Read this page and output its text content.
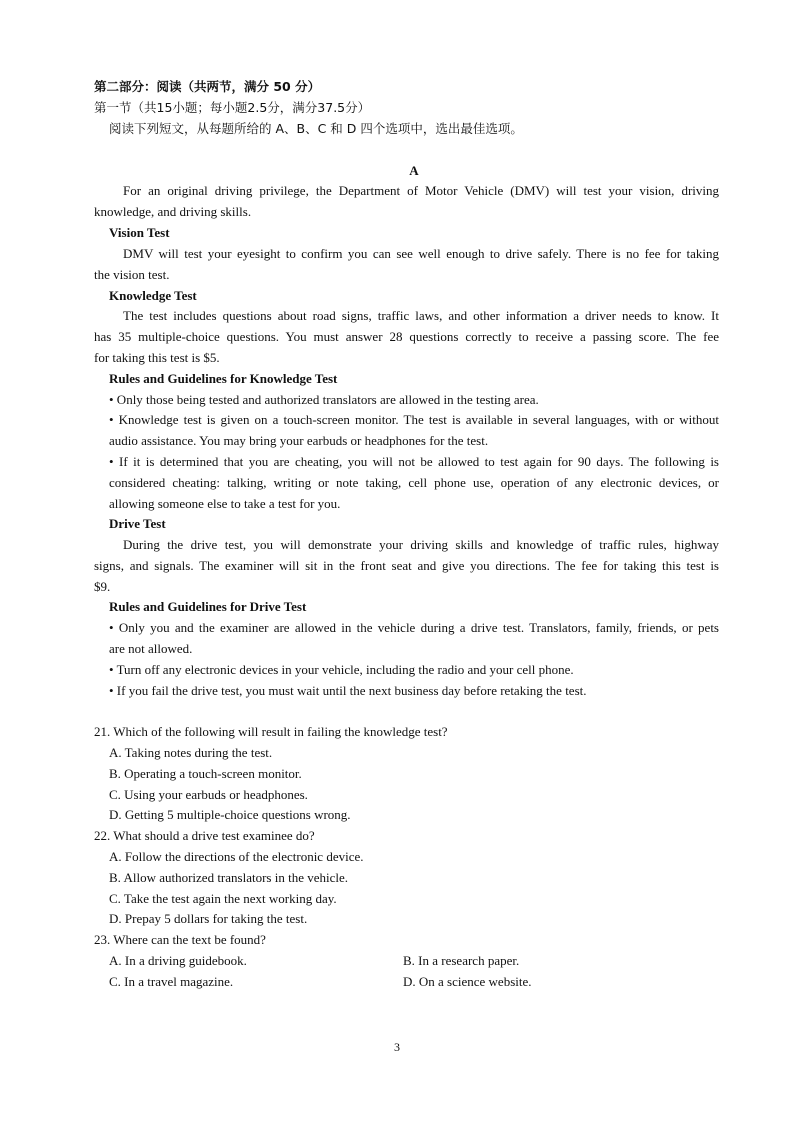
第二部分：阅读（共两节，满分 50 分）
第一节（共15小题；每小题2.5分，满分37.5分）
阅读下列短文，从每题所给的 A、B、C 和 D 四个选项中，选出最佳选项。
A
For an original driving privilege, the Department of Motor Vehicle (DMV) will test your vision, driving
knowledge, and driving skills.
Vision Test
DMV will test your eyesight to confirm you can see well enough to drive safely. There is no fee for taking
the vision test.
Knowledge Test
The test includes questions about road signs, traffic laws, and other information a driver needs to know. It
has 35 multiple-choice questions. You must answer 28 questions correctly to receive a passing score. The fee
for taking this test is $5.
Rules and Guidelines for Knowledge Test
• Only those being tested and authorized translators are allowed in the testing area.
• Knowledge test is given on a touch-screen monitor. The test is available in several languages, with or without
audio assistance. You may bring your earbuds or headphones for the test.
• If it is determined that you are cheating, you will not be allowed to test again for 90 days. The following is
considered cheating: talking, writing or note taking, cell phone use, operation of any electronic devices, or
allowing someone else to take a test for you.
Drive Test
During the drive test, you will demonstrate your driving skills and knowledge of traffic rules, highway
signs, and signals. The examiner will sit in the front seat and give you directions. The fee for taking this test is
$9.
Rules and Guidelines for Drive Test
• Only you and the examiner are allowed in the vehicle during a drive test. Translators, family, friends, or pets
are not allowed.
• Turn off any electronic devices in your vehicle, including the radio and your cell phone.
• If you fail the drive test, you must wait until the next business day before retaking the test.
21. Which of the following will result in failing the knowledge test?
A. Taking notes during the test.
B. Operating a touch-screen monitor.
C. Using your earbuds or headphones.
D. Getting 5 multiple-choice questions wrong.
22. What should a drive test examinee do?
A. Follow the directions of the electronic device.
B. Allow authorized translators in the vehicle.
C. Take the test again the next working day.
D. Prepay 5 dollars for taking the test.
23. Where can the text be found?
A. In a driving guidebook.	B. In a research paper.
C. In a travel magazine.	D. On a science website.
3
